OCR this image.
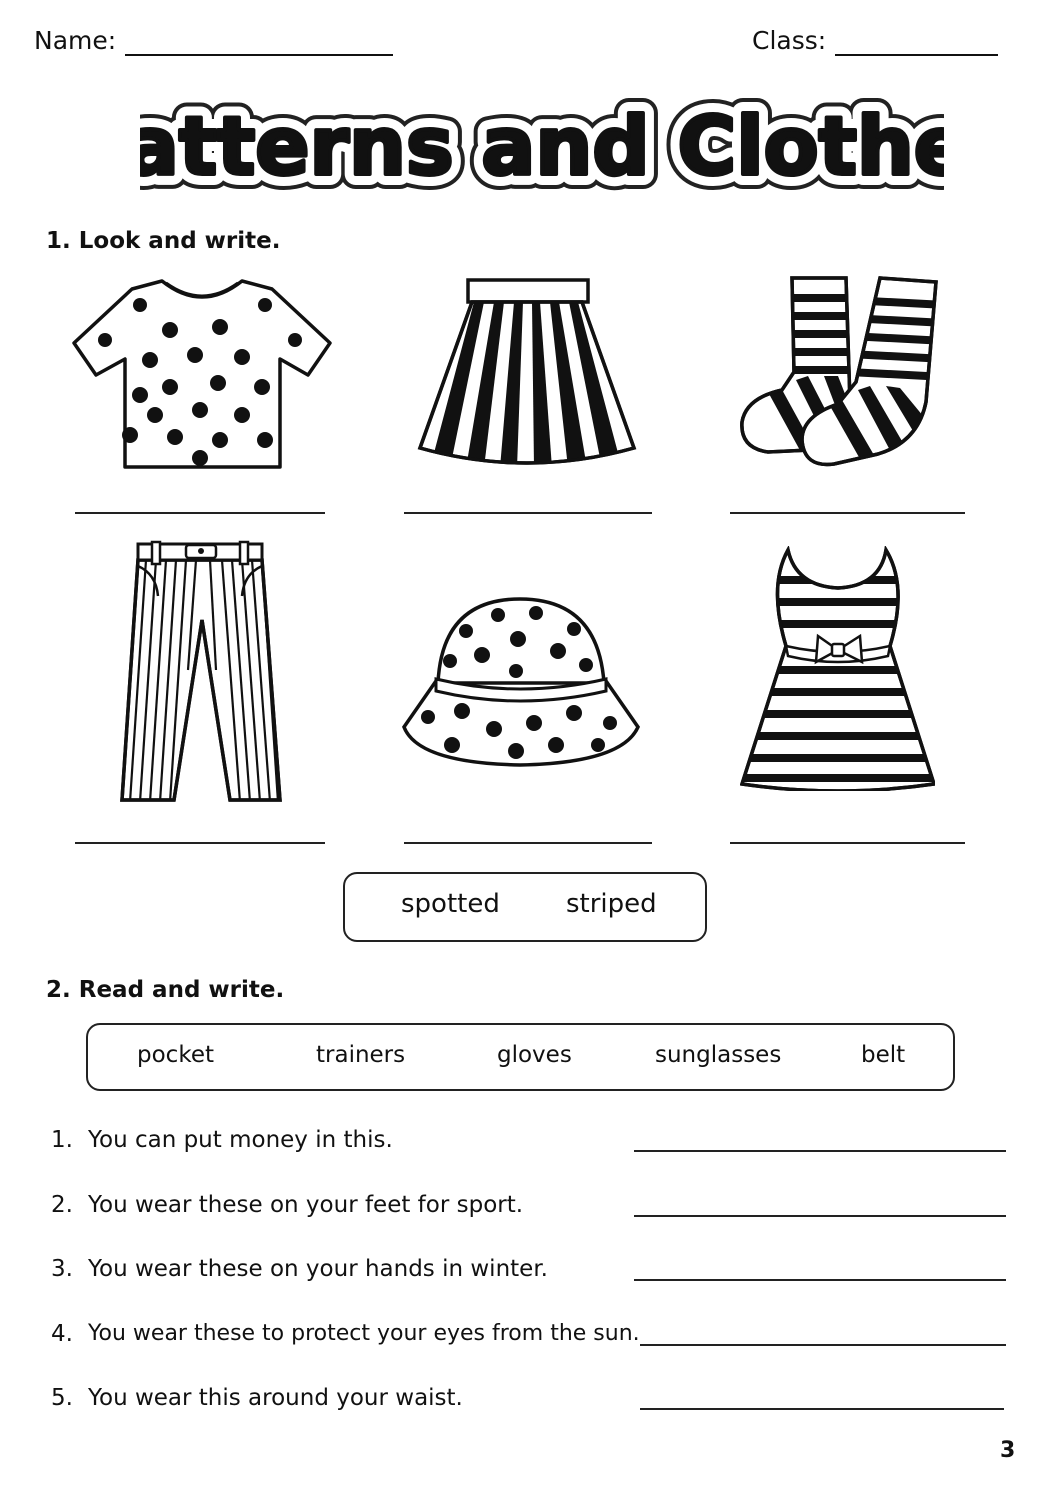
Name:	Class:
atterns and Clothe
atterns and Clothe
atterns and Clothe
1. Look and write.
spotted	striped
2. Read and write.
pocket	trainers	gloves	sunglasses	belt
1. You can put money in this.
2. You wear these on your feet for sport.
3. You wear these on your hands in winter.
4. You wear these to protect your eyes from the sun.
5. You wear this around your waist.
3
